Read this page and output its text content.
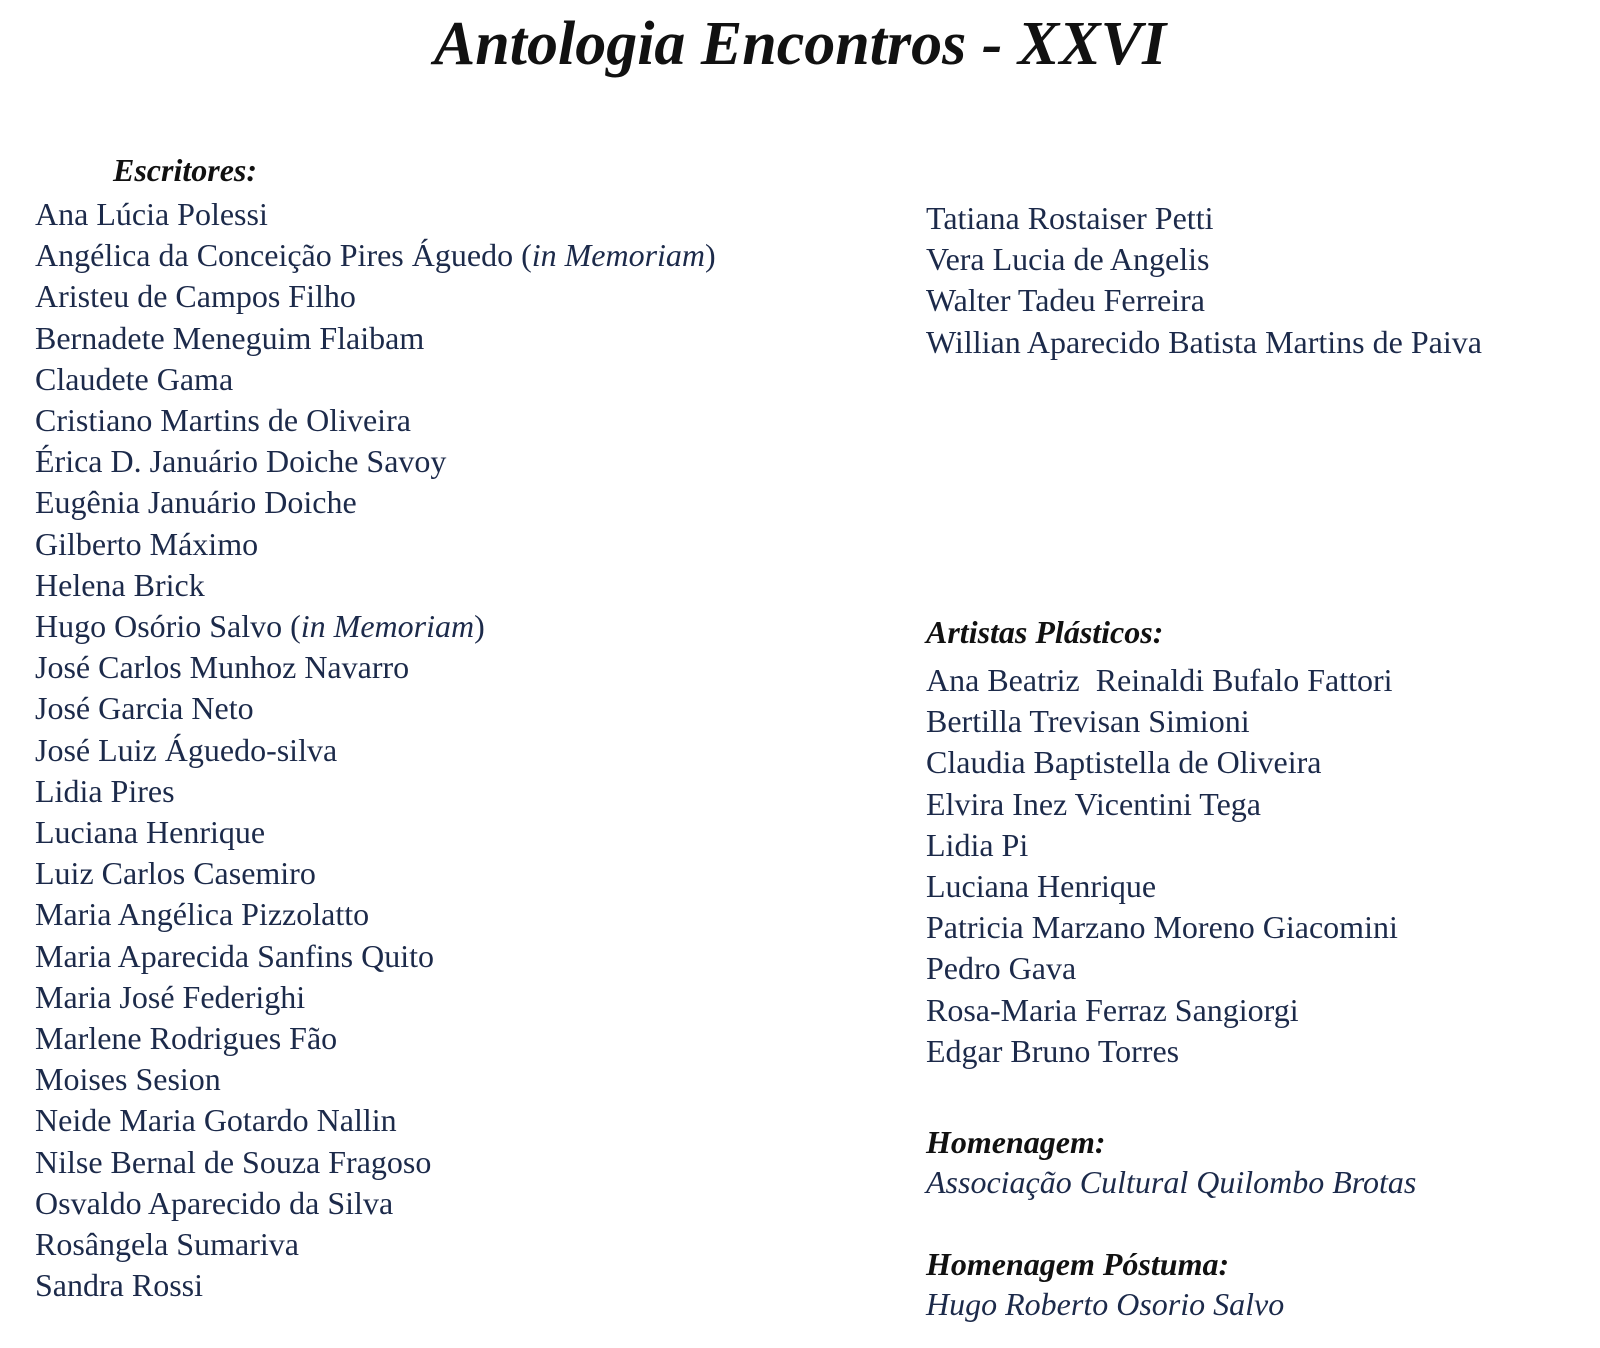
Antologia Encontros - XXVI
Escritores:
Ana Lúcia Polessi
Angélica da Conceição Pires Águedo (in Memoriam)
Aristeu de Campos Filho
Bernadete Meneguim Flaibam
Claudete Gama
Cristiano Martins de Oliveira
Érica D. Januário Doiche Savoy
Eugênia Januário Doiche
Gilberto Máximo
Helena Brick
Hugo Osório Salvo (in Memoriam)
José Carlos Munhoz Navarro
José Garcia Neto
José Luiz Águedo-silva
Lidia Pires
Luciana Henrique
Luiz Carlos Casemiro
Maria Angélica Pizzolatto
Maria Aparecida Sanfins Quito
Maria José Federighi
Marlene Rodrigues Fão
Moises Sesion
Neide Maria Gotardo Nallin
Nilse Bernal de Souza Fragoso
Osvaldo Aparecido da Silva
Rosângela Sumariva
Sandra Rossi
Tatiana Rostaiser Petti
Vera Lucia de Angelis
Walter Tadeu Ferreira
Willian Aparecido Batista Martins de Paiva
Artistas Plásticos:
Ana Beatriz  Reinaldi Bufalo Fattori
Bertilla Trevisan Simioni
Claudia Baptistella de Oliveira
Elvira Inez Vicentini Tega
Lidia Pi
Luciana Henrique
Patricia Marzano Moreno Giacomini
Pedro Gava
Rosa-Maria Ferraz Sangiorgi
Edgar Bruno Torres
Homenagem:

Associação Cultural Quilombo Brotas

Homenagem Póstuma:

Hugo Roberto Osorio Salvo
